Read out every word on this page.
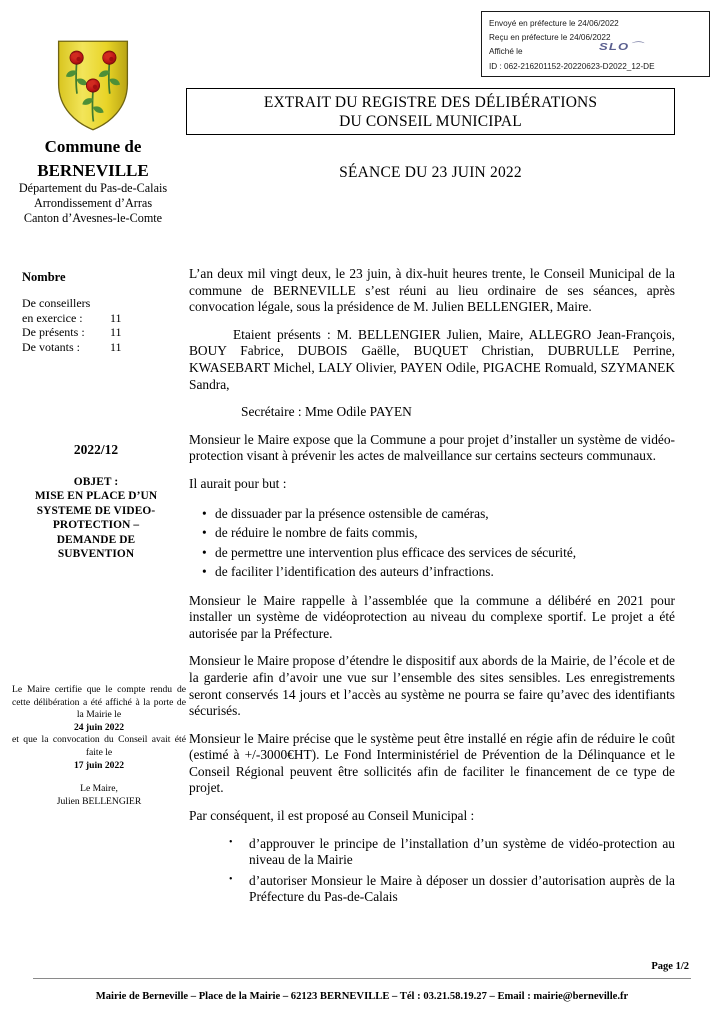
Envoyé en préfecture le 24/06/2022
Reçu en préfecture le 24/06/2022
Affiché le	SLO⌒
ID : 062-216201152-20220623-D2022_12-DE
EXTRAIT DU REGISTRE DES DÉLIBÉRATIONS
DU CONSEIL MUNICIPAL
SÉANCE DU 23 JUIN 2022
Commune de
BERNEVILLE
Département du Pas-de-Calais
Arrondissement d’Arras
Canton d’Avesnes-le-Comte
Nombre
De conseillers
en exercice :	11
De présents :	11
De votants :	11
2022/12
OBJET :
MISE EN PLACE D’UN
SYSTEME DE VIDEO-
PROTECTION –
DEMANDE DE
SUBVENTION

Le Maire certifie que le compte rendu de cette délibération a été affiché à la porte de la Mairie le

24 juin 2022

et que la convocation du Conseil avait été faite le

17 juin 2022

Le Maire,

Julien BELLENGIER

L’an deux mil vingt deux, le 23 juin, à dix-huit heures trente, le Conseil Municipal de la commune de BERNEVILLE s’est réuni au lieu ordinaire de ses séances, après convocation légale, sous la présidence de M. Julien BELLENGIER, Maire.

Etaient présents : M. BELLENGIER Julien, Maire, ALLEGRO Jean-François, BOUY Fabrice, DUBOIS Gaëlle, BUQUET Christian, DUBRULLE Perrine, KWASEBART Michel, LALY Olivier, PAYEN Odile, PIGACHE Romuald, SZYMANEK Sandra,

Secrétaire : Mme Odile PAYEN

Monsieur le Maire expose que la Commune a pour projet d’installer un système de vidéo-protection visant à prévenir les actes de malveillance sur certains secteurs communaux.

Il aurait pour but :

• de dissuader par la présence ostensible de caméras,
• de réduire le nombre de faits commis,
• de permettre une intervention plus efficace des services de sécurité,
• de faciliter l’identification des auteurs d’infractions.

Monsieur le Maire rappelle à l’assemblée que la commune a délibéré en 2021 pour installer un système de vidéoprotection au niveau du complexe sportif. Le projet a été autorisée par la Préfecture.

Monsieur le Maire propose d’étendre le dispositif aux abords de la Mairie, de l’école et de la garderie afin d’avoir une vue sur l’ensemble des sites sensibles. Les enregistrements seront conservés 14 jours et l’accès au système ne pourra se faire qu’avec des identifiants sécurisés.

Monsieur le Maire précise que le système peut être installé en régie afin de réduire le coût (estimé à +/-3000€HT). Le Fond Interministériel de Prévention de la Délinquance et le Conseil Régional peuvent être sollicités afin de faciliter le financement de ce type de projet.

Par conséquent, il est proposé au Conseil Municipal :

• d’approuver le principe de l’installation d’un système de vidéo-protection au niveau de la Mairie
• d’autoriser Monsieur le Maire à déposer un dossier d’autorisation auprès de la Préfecture du Pas-de-Calais
Page 1/2
Mairie de Berneville – Place de la Mairie – 62123 BERNEVILLE – Tél : 03.21.58.19.27 – Email : mairie@berneville.fr
